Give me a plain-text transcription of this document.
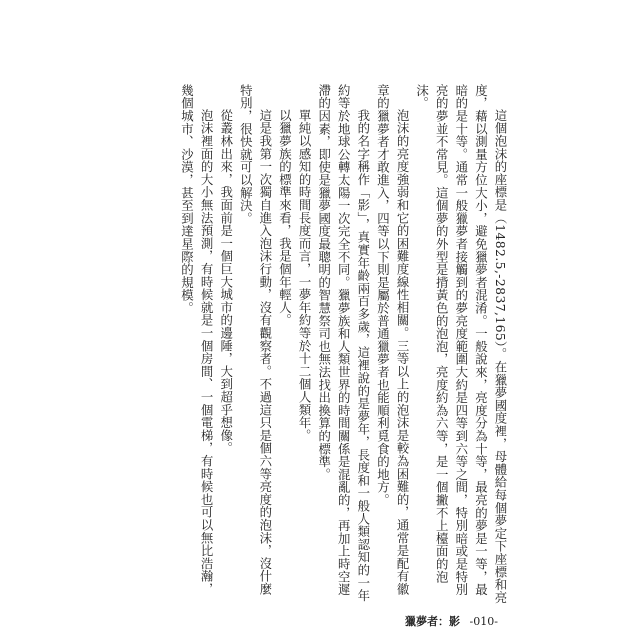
這個泡沫的座標是（1482.5,-2837,165）。在獵夢國度裡，母體給每個夢定下座標和亮度，藉以測量方位大小，避免獵夢者混淆。一般說來，亮度分為十等，最亮的夢是一等，最暗的是十等。通常一般獵夢者接觸到的夢亮度範圍大約是四等到六等之間，特別暗或是特別亮的夢並不常見。這個夢的外型是揹黃色的泡泡，亮度約為六等，是一個撇不上檯面的泡沫。

泡沫的亮度強弱和它的困難度線性相關。三等以上的泡沫是較為困難的，通常是配有徽章的獵夢者才敢進入，四等以下則是屬於普通獵夢者也能順利覓食的地方。

我的名字稱作「影」，真實年齡兩百多歲，這裡說的是夢年，長度和一般人類認知的一年約等於地球公轉太陽一次完全不同。獵夢族和人類世界的時間關係是混亂的，再加上時空遲滯的因素，即使是獵夢國度最聰明的智慧祭司也無法找出換算的標準。

單純以感知的時間長度而言，一夢年約等於十二個人類年。

以獵夢族的標準來看，我是個年輕人。

這是我第一次獨自進入泡沫行動，沒有觀察者。不過這只是個六等亮度的泡沫，沒什麼特別，很快就可以解決。

從叢林出來，我面前是一個巨大城市的邊陲，大到超乎想像。

泡沫裡面的大小無法預測，有時候就是一個房間、一個電梯，有時候也可以無比浩瀚，幾個城市、沙漠，甚至到達星際的規模。

獵夢者：影 -010-
